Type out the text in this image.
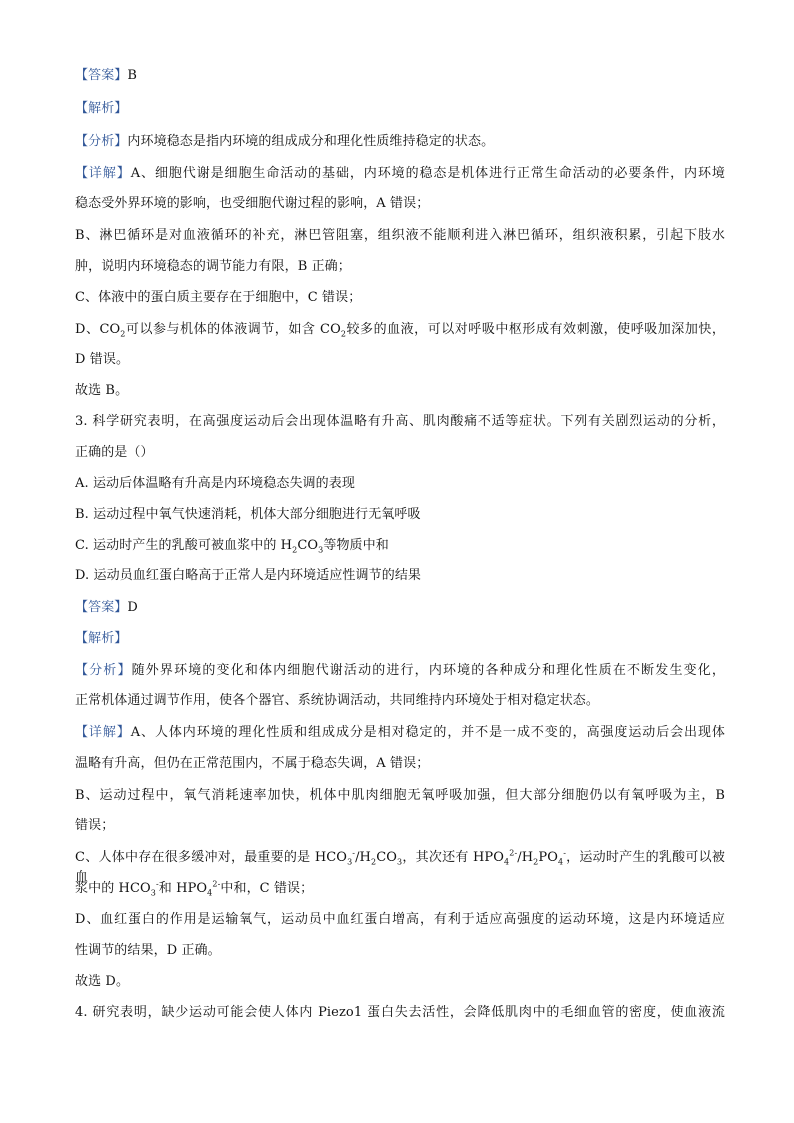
【答案】B
【解析】
【分析】内环境稳态是指内环境的组成成分和理化性质维持稳定的状态。
【详解】A、细胞代谢是细胞生命活动的基础，内环境的稳态是机体进行正常生命活动的必要条件，内环境
稳态受外界环境的影响，也受细胞代谢过程的影响，A 错误；
B、淋巴循环是对血液循环的补充，淋巴管阻塞，组织液不能顺利进入淋巴循环，组织液积累，引起下肢水
肿，说明内环境稳态的调节能力有限，B 正确；
C、体液中的蛋白质主要存在于细胞中，C 错误；
D、$CO_2$可以参与机体的体液调节，如含 $CO_2$较多的血液，可以对呼吸中枢形成有效刺激，使呼吸加深加快，
D 错误。
故选 B。
3. 科学研究表明，在高强度运动后会出现体温略有升高、肌肉酸痛不适等症状。下列有关剧烈运动的分析，
正确的是（）
A. 运动后体温略有升高是内环境稳态失调的表现
B. 运动过程中氧气快速消耗，机体大部分细胞进行无氧呼吸
C. 运动时产生的乳酸可被血浆中的 $H_2CO_3$等物质中和
D. 运动员血红蛋白略高于正常人是内环境适应性调节的结果
【答案】D
【解析】
【分析】随外界环境的变化和体内细胞代谢活动的进行，内环境的各种成分和理化性质在不断发生变化，
正常机体通过调节作用，使各个器官、系统协调活动，共同维持内环境处于相对稳定状态。
【详解】A、人体内环境的理化性质和组成成分是相对稳定的，并不是一成不变的，高强度运动后会出现体
温略有升高，但仍在正常范围内，不属于稳态失调，A 错误；
B、运动过程中，氧气消耗速率加快，机体中肌肉细胞无氧呼吸加强，但大部分细胞仍以有氧呼吸为主，B
错误；
C、人体中存在很多缓冲对，最重要的是 $HCO_3^-/H_2CO_3$，其次还有 $HPO_4^{2-}/H_2PO_4^-$，运动时产生的乳酸可以被血
浆中的 $HCO_3^-$和 $HPO_4^{2-}$中和，C 错误；
D、血红蛋白的作用是运输氧气，运动员中血红蛋白增高，有利于适应高强度的运动环境，这是内环境适应
性调节的结果，D 正确。
故选 D。
4. 研究表明，缺少运动可能会使人体内 Piezo1 蛋白失去活性，会降低肌肉中的毛细血管的密度，使血液流
